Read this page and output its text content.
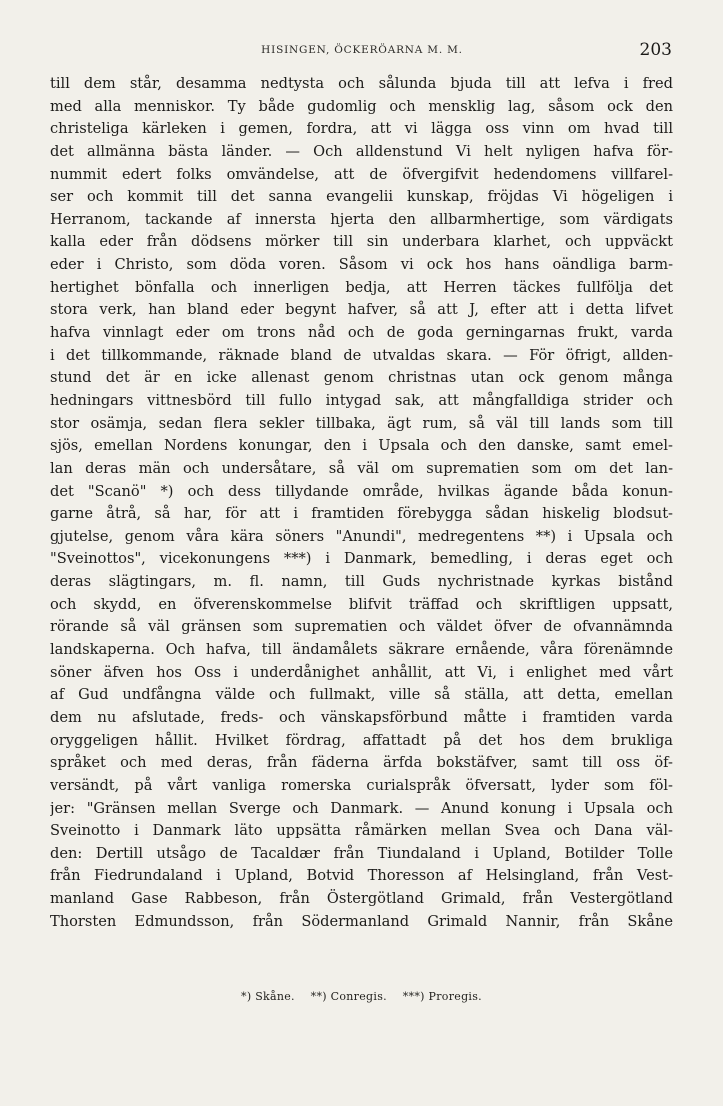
HISINGEN, ÖCKERÖARNA M. M.	203
till dem står, desamma nedtysta och sålunda bjuda till att lefva i fred
med alla menniskor. Ty både gudomlig och mensklig lag, såsom ock den
christeliga kärleken i gemen, fordra, att vi lägga oss vinn om hvad till
det allmänna bästa länder. — Och alldenstund Vi helt nyligen hafva för-
nummit edert folks omvändelse, att de öfvergifvit hedendomens villfarel-
ser och kommit till det sanna evangelii kunskap, fröjdas Vi högeligen i
Herranom, tackande af innersta hjerta den allbarmhertige, som värdigats
kalla eder från dödsens mörker till sin underbara klarhet, och uppväckt
eder i Christo, som döda voren. Såsom vi ock hos hans oändliga barm-
hertighet bönfalla och innerligen bedja, att Herren täckes fullfölja det
stora verk, han bland eder begynt hafver, så att J, efter att i detta lifvet
hafva vinnlagt eder om trons nåd och de goda gerningarnas frukt, varda
i det tillkommande, räknade bland de utvaldas skara. — För öfrigt, allden-
stund det är en icke allenast genom christnas utan ock genom många
hedningars vittnesbörd till fullo intygad sak, att mångfalldiga strider och
stor osämja, sedan flera sekler tillbaka, ägt rum, så väl till lands som till
sjös, emellan Nordens konungar, den i Upsala och den danske, samt emel-
lan deras män och undersåtare, så väl om suprematien som om det lan-
det "Scanö" *) och dess tillydande område, hvilkas ägande båda konun-
garne åtrå, så har, för att i framtiden förebygga sådan hiskelig blodsut-
gjutelse, genom våra kära söners "Anundi", medregentens **) i Upsala och
"Sveinottos", vicekonungens ***) i Danmark, bemedling, i deras eget och
deras slägtingars, m. fl. namn, till Guds nychristnade kyrkas bistånd
och skydd, en öfverenskommelse blifvit träffad och skriftligen uppsatt,
rörande så väl gränsen som suprematien och väldet öfver de ofvannämnda
landskaperna. Och hafva, till ändamålets säkrare ernående, våra förenämnde
söner äfven hos Oss i underdånighet anhållit, att Vi, i enlighet med vårt
af Gud undfångna välde och fullmakt, ville så ställa, att detta, emellan
dem nu afslutade, freds- och vänskapsförbund måtte i framtiden varda
oryggeligen hållit. Hvilket fördrag, affattadt på det hos dem brukliga
språket och med deras, från fäderna ärfda bokstäfver, samt till oss öf-
versändt, på vårt vanliga romerska curialspråk öfversatt, lyder som föl-
jer: "Gränsen mellan Sverge och Danmark. — Anund konung i Upsala och
Sveinotto i Danmark läto uppsätta råmärken mellan Svea och Dana väl-
den: Dertill utsågo de Tacaldær från Tiundaland i Upland, Botilder Tolle
från Fiedrundaland i Upland, Botvid Thoresson af Helsingland, från Vest-
manland Gase Rabbeson, från Östergötland Grimald, från Vestergötland
Thorsten Edmundsson, från Södermanland Grimald Nannir, från Skåne
*) Skåne. **) Conregis. ***) Proregis.
